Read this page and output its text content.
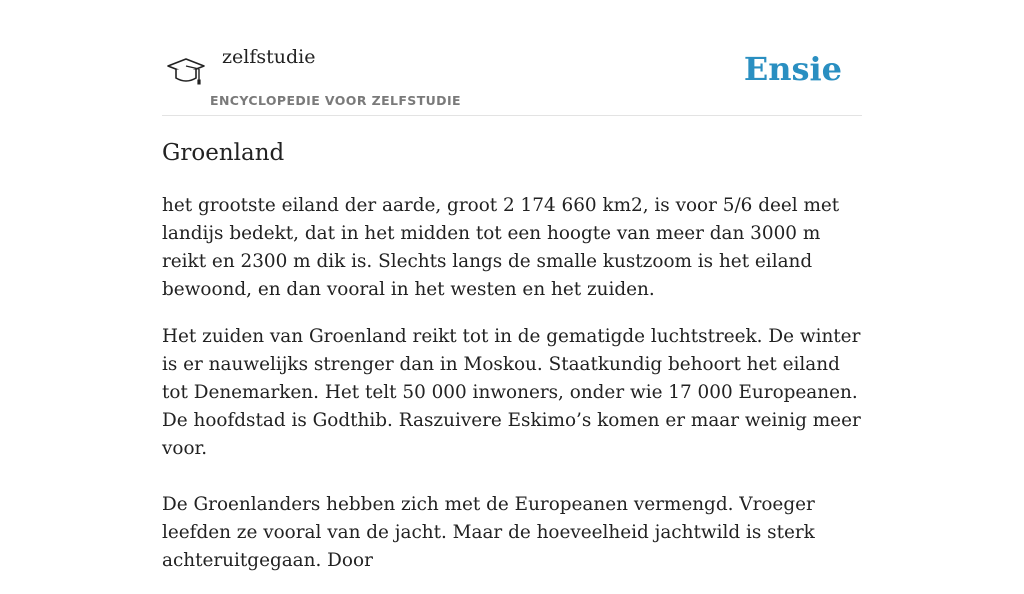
zelfstudie
ENCYCLOPEDIE VOOR ZELFSTUDIE
Ensie
Groenland

het grootste eiland der aarde, groot 2 174 660 km2, is voor 5/6 deel met landijs bedekt, dat in het midden tot een hoogte van meer dan 3000 m reikt en 2300 m dik is. Slechts langs de smalle kustzoom is het eiland bewoond, en dan vooral in het westen en het zuiden.

Het zuiden van Groenland reikt tot in de gematigde luchtstreek. De winter is er nauwelijks strenger dan in Moskou. Staatkundig behoort het eiland tot Denemarken. Het telt 50 000 inwoners, onder wie 17 000 Europeanen. De hoofdstad is Godthib. Raszuivere Eskimo’s komen er maar weinig meer voor.

De Groenlanders hebben zich met de Europeanen vermengd. Vroeger leefden ze vooral van de jacht. Maar de hoeveelheid jachtwild is sterk achteruitgegaan. Door
